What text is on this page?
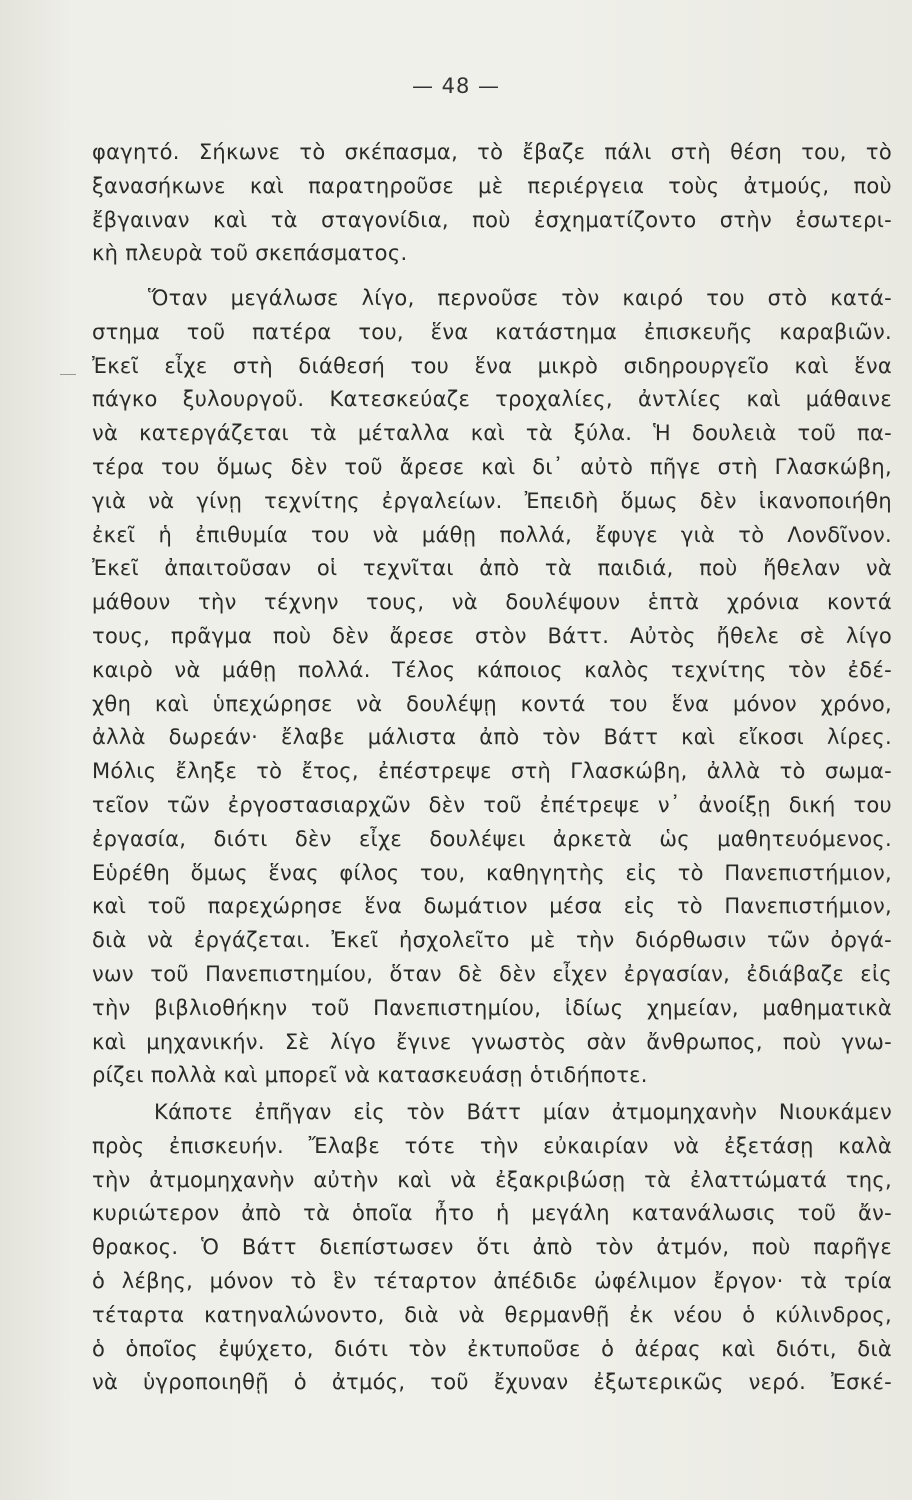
— 48 —
φαγητό. Σήκωνε τὸ σκέπασμα, τὸ ἔβαζε πάλι στὴ θέση του, τὸ
ξανασήκωνε καὶ παρατηροῦσε μὲ περιέργεια τοὺς ἀτμούς, ποὺ
ἔβγαιναν καὶ τὰ σταγονίδια, ποὺ ἐσχηματίζοντο στὴν ἐσωτερι-
κὴ πλευρὰ τοῦ σκεπάσματος.
Ὅταν μεγάλωσε λίγο, περνοῦσε τὸν καιρό του στὸ κατά-
στημα τοῦ πατέρα του, ἕνα κατάστημα ἐπισκευῆς καραβιῶν.
Ἐκεῖ εἶχε στὴ διάθεσή του ἕνα μικρὸ σιδηρουργεῖο καὶ ἕνα
πάγκο ξυλουργοῦ. Κατεσκεύαζε τροχαλίες, ἀντλίες καὶ μάθαινε
νὰ κατεργάζεται τὰ μέταλλα καὶ τὰ ξύλα. Ἡ δουλειὰ τοῦ πα-
τέρα του ὅμως δὲν τοῦ ἄρεσε καὶ δι᾽ αὐτὸ πῆγε στὴ Γλασκώβη,
γιὰ νὰ γίνῃ τεχνίτης ἐργαλείων. Ἐπειδὴ ὅμως δὲν ἱκανοποιήθη
ἐκεῖ ἡ ἐπιθυμία του νὰ μάθῃ πολλά, ἔφυγε γιὰ τὸ Λονδῖνον.
Ἐκεῖ ἀπαιτοῦσαν οἱ τεχνῖται ἀπὸ τὰ παιδιά, ποὺ ἤθελαν νὰ
μάθουν τὴν τέχνην τους, νὰ δουλέψουν ἑπτὰ χρόνια κοντά
τους, πρᾶγμα ποὺ δὲν ἄρεσε στὸν Βάττ. Αὐτὸς ἤθελε σὲ λίγο
καιρὸ νὰ μάθῃ πολλά. Τέλος κάποιος καλὸς τεχνίτης τὸν ἐδέ-
χθη καὶ ὑπεχώρησε νὰ δουλέψῃ κοντά του ἕνα μόνον χρόνο,
ἀλλὰ δωρεάν· ἔλαβε μάλιστα ἀπὸ τὸν Βάττ καὶ εἴκοσι λίρες.
Μόλις ἔληξε τὸ ἔτος, ἐπέστρεψε στὴ Γλασκώβη, ἀλλὰ τὸ σωμα-
τεῖον τῶν ἐργοστασιαρχῶν δὲν τοῦ ἐπέτρεψε ν᾽ ἀνοίξῃ δική του
ἐργασία, διότι δὲν εἶχε δουλέψει ἀρκετὰ ὡς μαθητευόμενος.
Εὑρέθη ὅμως ἕνας φίλος του, καθηγητὴς εἰς τὸ Πανεπιστήμιον,
καὶ τοῦ παρεχώρησε ἕνα δωμάτιον μέσα εἰς τὸ Πανεπιστήμιον,
διὰ νὰ ἐργάζεται. Ἐκεῖ ἠσχολεῖτο μὲ τὴν διόρθωσιν τῶν ὀργά-
νων τοῦ Πανεπιστημίου, ὅταν δὲ δὲν εἶχεν ἐργασίαν, ἐδιάβαζε εἰς
τὴν βιβλιοθήκην τοῦ Πανεπιστημίου, ἰδίως χημείαν, μαθηματικὰ
καὶ μηχανικήν. Σὲ λίγο ἔγινε γνωστὸς σὰν ἄνθρωπος, ποὺ γνω-
ρίζει πολλὰ καὶ μπορεῖ νὰ κατασκευάσῃ ὁτιδήποτε.
Κάποτε ἐπῆγαν εἰς τὸν Βάττ μίαν ἀτμομηχανὴν Νιουκάμεν
πρὸς ἐπισκευήν. Ἔλαβε τότε τὴν εὐκαιρίαν νὰ ἐξετάσῃ καλὰ
τὴν ἀτμομηχανὴν αὐτὴν καὶ νὰ ἐξακριβώσῃ τὰ ἐλαττώματά της,
κυριώτερον ἀπὸ τὰ ὁποῖα ἦτο ἡ μεγάλη κατανάλωσις τοῦ ἄν-
θρακος. Ὁ Βάττ διεπίστωσεν ὅτι ἀπὸ τὸν ἀτμόν, ποὺ παρῆγε
ὁ λέβης, μόνον τὸ ἓν τέταρτον ἀπέδιδε ὠφέλιμον ἔργον· τὰ τρία
τέταρτα κατηναλώνοντο, διὰ νὰ θερμανθῇ ἐκ νέου ὁ κύλινδρος,
ὁ ὁποῖος ἐψύχετο, διότι τὸν ἐκτυποῦσε ὁ ἀέρας καὶ διότι, διὰ
νὰ ὑγροποιηθῇ ὁ ἀτμός, τοῦ ἔχυναν ἐξωτερικῶς νερό. Ἐσκέ-
